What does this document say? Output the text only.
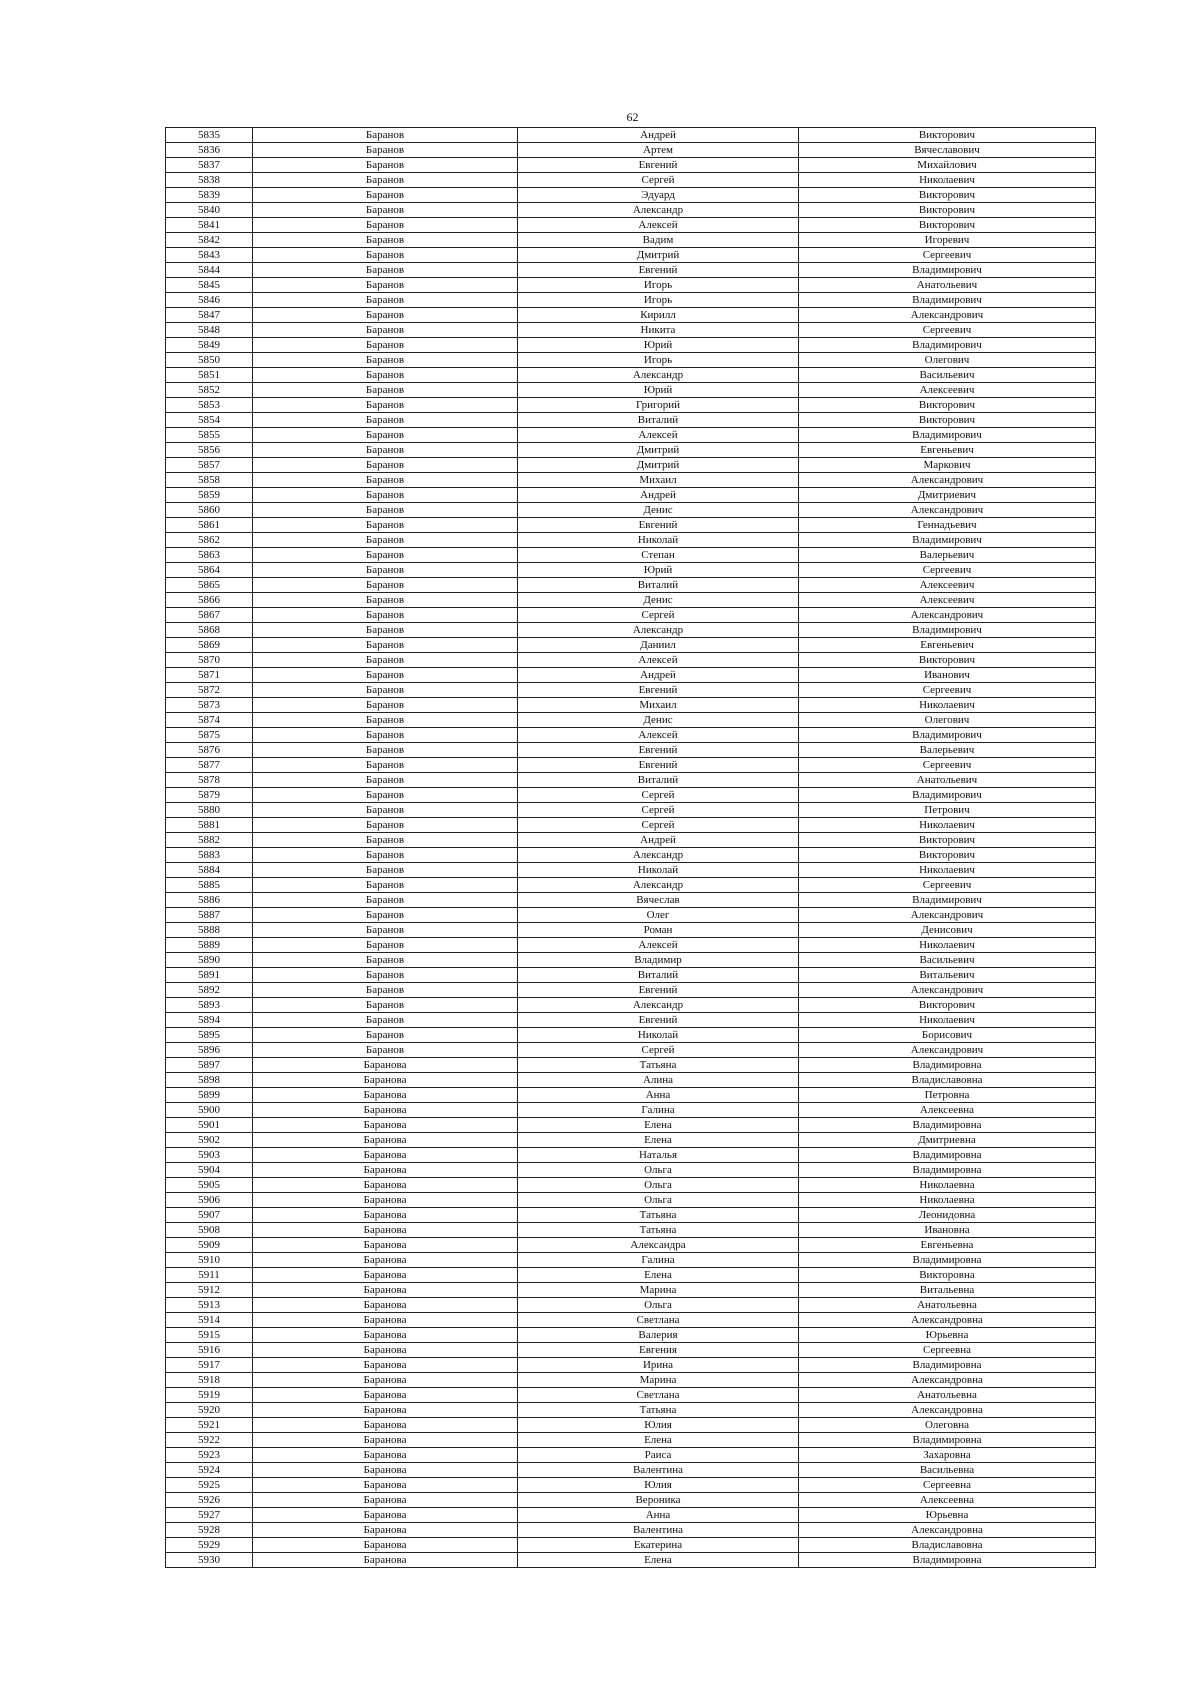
62
5835	Баранов	Андрей	Викторович
5836	Баранов	Артем	Вячеславович
5837	Баранов	Евгений	Михайлович
5838	Баранов	Сергей	Николаевич
5839	Баранов	Эдуард	Викторович
5840	Баранов	Александр	Викторович
5841	Баранов	Алексей	Викторович
5842	Баранов	Вадим	Игоревич
5843	Баранов	Дмитрий	Сергеевич
5844	Баранов	Евгений	Владимирович
5845	Баранов	Игорь	Анатольевич
5846	Баранов	Игорь	Владимирович
5847	Баранов	Кирилл	Александрович
5848	Баранов	Никита	Сергеевич
5849	Баранов	Юрий	Владимирович
5850	Баранов	Игорь	Олегович
5851	Баранов	Александр	Васильевич
5852	Баранов	Юрий	Алексеевич
5853	Баранов	Григорий	Викторович
5854	Баранов	Виталий	Викторович
5855	Баранов	Алексей	Владимирович
5856	Баранов	Дмитрий	Евгеньевич
5857	Баранов	Дмитрий	Маркович
5858	Баранов	Михаил	Александрович
5859	Баранов	Андрей	Дмитриевич
5860	Баранов	Денис	Александрович
5861	Баранов	Евгений	Геннадьевич
5862	Баранов	Николай	Владимирович
5863	Баранов	Степан	Валерьевич
5864	Баранов	Юрий	Сергеевич
5865	Баранов	Виталий	Алексеевич
5866	Баранов	Денис	Алексеевич
5867	Баранов	Сергей	Александрович
5868	Баранов	Александр	Владимирович
5869	Баранов	Даниил	Евгеньевич
5870	Баранов	Алексей	Викторович
5871	Баранов	Андрей	Иванович
5872	Баранов	Евгений	Сергеевич
5873	Баранов	Михаил	Николаевич
5874	Баранов	Денис	Олегович
5875	Баранов	Алексей	Владимирович
5876	Баранов	Евгений	Валерьевич
5877	Баранов	Евгений	Сергеевич
5878	Баранов	Виталий	Анатольевич
5879	Баранов	Сергей	Владимирович
5880	Баранов	Сергей	Петрович
5881	Баранов	Сергей	Николаевич
5882	Баранов	Андрей	Викторович
5883	Баранов	Александр	Викторович
5884	Баранов	Николай	Николаевич
5885	Баранов	Александр	Сергеевич
5886	Баранов	Вячеслав	Владимирович
5887	Баранов	Олег	Александрович
5888	Баранов	Роман	Денисович
5889	Баранов	Алексей	Николаевич
5890	Баранов	Владимир	Васильевич
5891	Баранов	Виталий	Витальевич
5892	Баранов	Евгений	Александрович
5893	Баранов	Александр	Викторович
5894	Баранов	Евгений	Николаевич
5895	Баранов	Николай	Борисович
5896	Баранов	Сергей	Александрович
5897	Баранова	Татьяна	Владимировна
5898	Баранова	Алина	Владиславовна
5899	Баранова	Анна	Петровна
5900	Баранова	Галина	Алексеевна
5901	Баранова	Елена	Владимировна
5902	Баранова	Елена	Дмитриевна
5903	Баранова	Наталья	Владимировна
5904	Баранова	Ольга	Владимировна
5905	Баранова	Ольга	Николаевна
5906	Баранова	Ольга	Николаевна
5907	Баранова	Татьяна	Леонидовна
5908	Баранова	Татьяна	Ивановна
5909	Баранова	Александра	Евгеньевна
5910	Баранова	Галина	Владимировна
5911	Баранова	Елена	Викторовна
5912	Баранова	Марина	Витальевна
5913	Баранова	Ольга	Анатольевна
5914	Баранова	Светлана	Александровна
5915	Баранова	Валерия	Юрьевна
5916	Баранова	Евгения	Сергеевна
5917	Баранова	Ирина	Владимировна
5918	Баранова	Марина	Александровна
5919	Баранова	Светлана	Анатольевна
5920	Баранова	Татьяна	Александровна
5921	Баранова	Юлия	Олеговна
5922	Баранова	Елена	Владимировна
5923	Баранова	Раиса	Захаровна
5924	Баранова	Валентина	Васильевна
5925	Баранова	Юлия	Сергеевна
5926	Баранова	Вероника	Алексеевна
5927	Баранова	Анна	Юрьевна
5928	Баранова	Валентина	Александровна
5929	Баранова	Екатерина	Владиславовна
5930	Баранова	Елена	Владимировна
